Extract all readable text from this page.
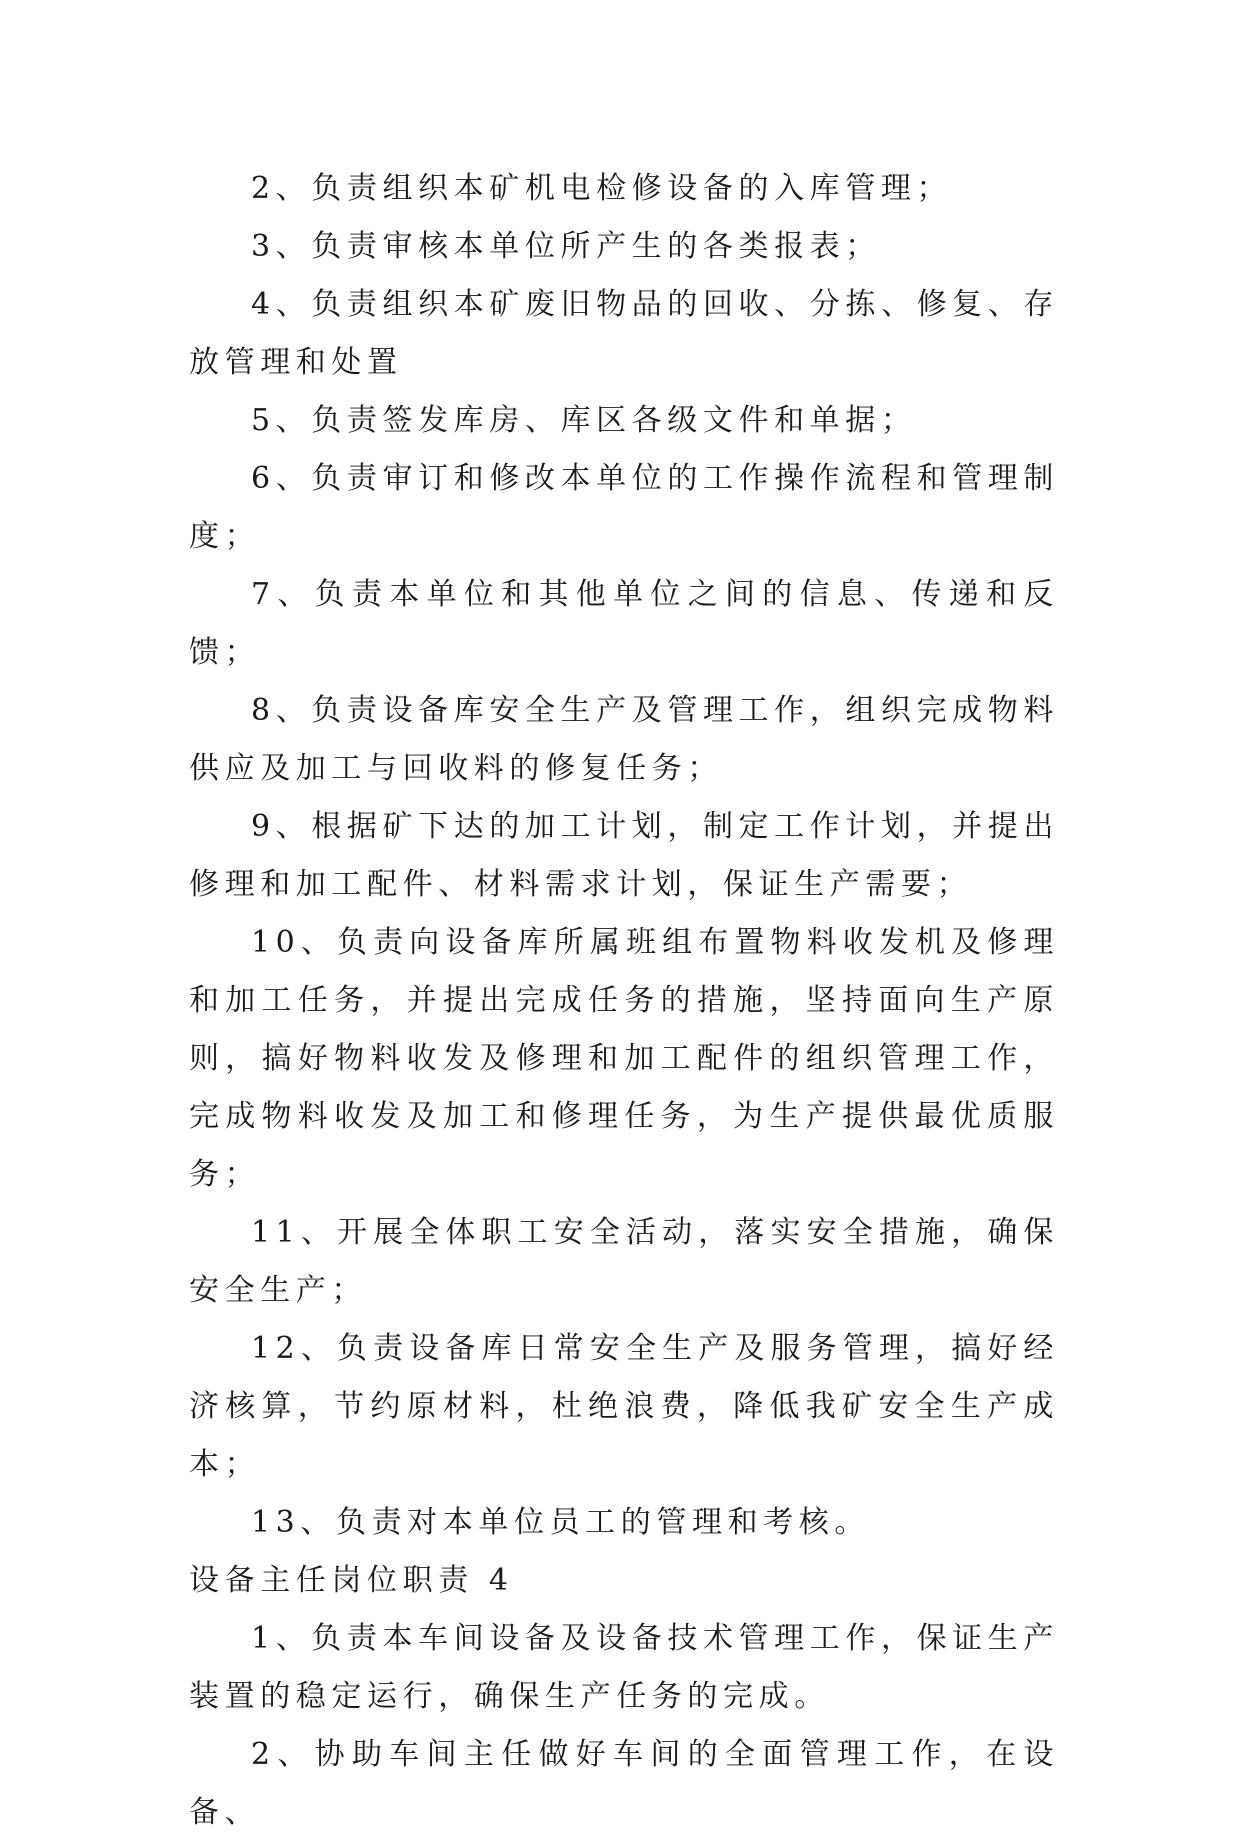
2、负责组织本矿机电检修设备的入库管理；

3、负责审核本单位所产生的各类报表；

4、负责组织本矿废旧物品的回收、分拣、修复、存放管理和处置

5、负责签发库房、库区各级文件和单据；

6、负责审订和修改本单位的工作操作流程和管理制度；

7、负责本单位和其他单位之间的信息、传递和反馈；

8、负责设备库安全生产及管理工作，组织完成物料供应及加工与回收料的修复任务；

9、根据矿下达的加工计划，制定工作计划，并提出修理和加工配件、材料需求计划，保证生产需要；

10、负责向设备库所属班组布置物料收发机及修理和加工任务，并提出完成任务的措施，坚持面向生产原则，搞好物料收发及修理和加工配件的组织管理工作，完成物料收发及加工和修理任务，为生产提供最优质服务；

11、开展全体职工安全活动，落实安全措施，确保安全生产；

12、负责设备库日常安全生产及服务管理，搞好经济核算，节约原材料，杜绝浪费，降低我矿安全生产成本；

13、负责对本单位员工的管理和考核。

设备主任岗位职责 4

1、负责本车间设备及设备技术管理工作，保证生产装置的稳定运行，确保生产任务的完成。

2、协助车间主任做好车间的全面管理工作，在设备、
